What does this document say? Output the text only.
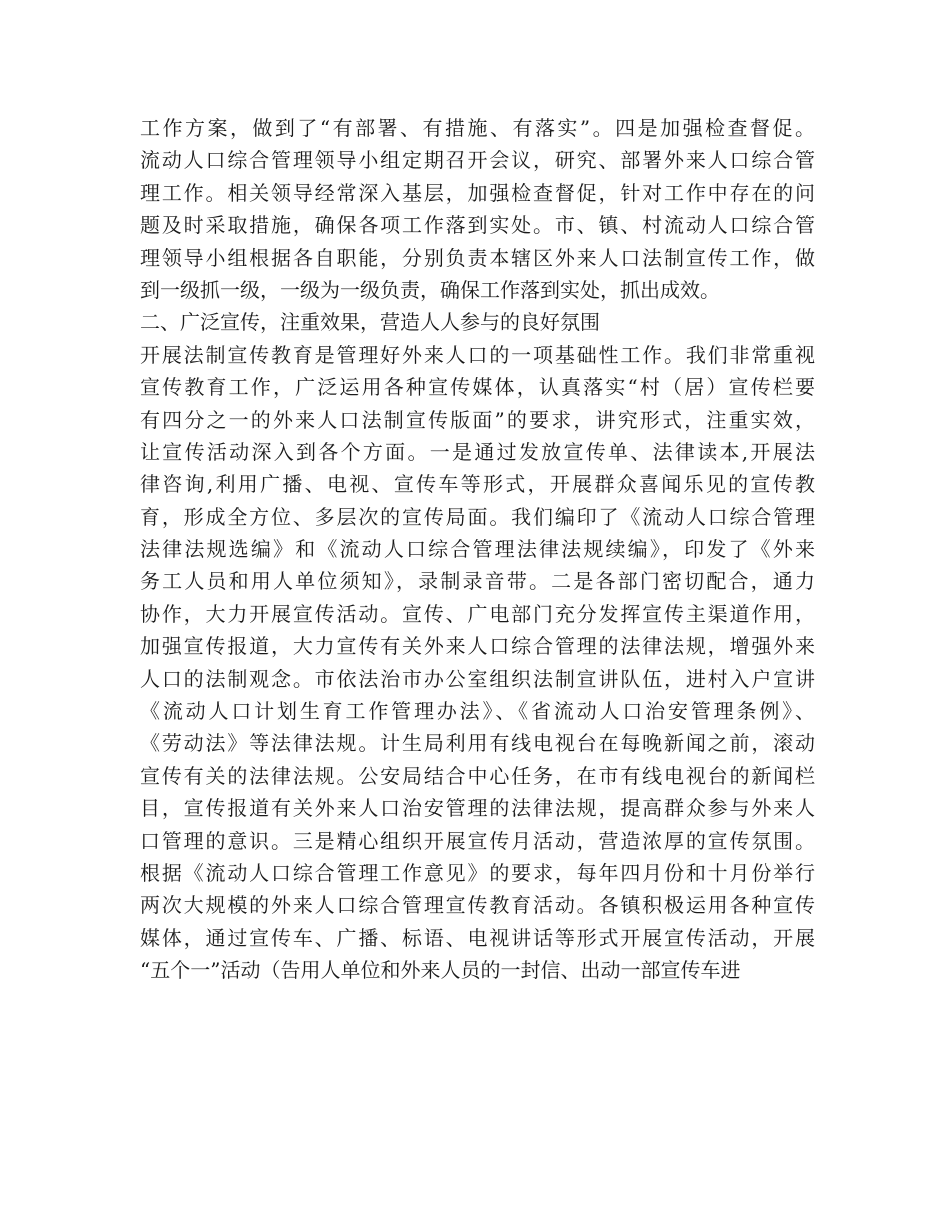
工作方案，做到了“有部署、有措施、有落实”。四是加强检查督促。
流动人口综合管理领导小组定期召开会议，研究、部署外来人口综合管
理工作。相关领导经常深入基层，加强检查督促，针对工作中存在的问
题及时采取措施，确保各项工作落到实处。市、镇、村流动人口综合管
理领导小组根据各自职能，分别负责本辖区外来人口法制宣传工作，做
到一级抓一级，一级为一级负责，确保工作落到实处，抓出成效。
二、广泛宣传，注重效果，营造人人参与的良好氛围
开展法制宣传教育是管理好外来人口的一项基础性工作。我们非常重视
宣传教育工作，广泛运用各种宣传媒体，认真落实“村（居）宣传栏要
有四分之一的外来人口法制宣传版面”的要求，讲究形式，注重实效，
让宣传活动深入到各个方面。一是通过发放宣传单、法律读本,开展法
律咨询,利用广播、电视、宣传车等形式，开展群众喜闻乐见的宣传教
育，形成全方位、多层次的宣传局面。我们编印了《流动人口综合管理
法律法规选编》和《流动人口综合管理法律法规续编》，印发了《外来
务工人员和用人单位须知》，录制录音带。二是各部门密切配合，通力
协作，大力开展宣传活动。宣传、广电部门充分发挥宣传主渠道作用，
加强宣传报道，大力宣传有关外来人口综合管理的法律法规，增强外来
人口的法制观念。市依法治市办公室组织法制宣讲队伍，进村入户宣讲
《流动人口计划生育工作管理办法》、《省流动人口治安管理条例》、
《劳动法》等法律法规。计生局利用有线电视台在每晚新闻之前，滚动
宣传有关的法律法规。公安局结合中心任务，在市有线电视台的新闻栏
目，宣传报道有关外来人口治安管理的法律法规，提高群众参与外来人
口管理的意识。三是精心组织开展宣传月活动，营造浓厚的宣传氛围。
根据《流动人口综合管理工作意见》的要求，每年四月份和十月份举行
两次大规模的外来人口综合管理宣传教育活动。各镇积极运用各种宣传
媒体，通过宣传车、广播、标语、电视讲话等形式开展宣传活动，开展
“五个一”活动（告用人单位和外来人员的一封信、出动一部宣传车进
